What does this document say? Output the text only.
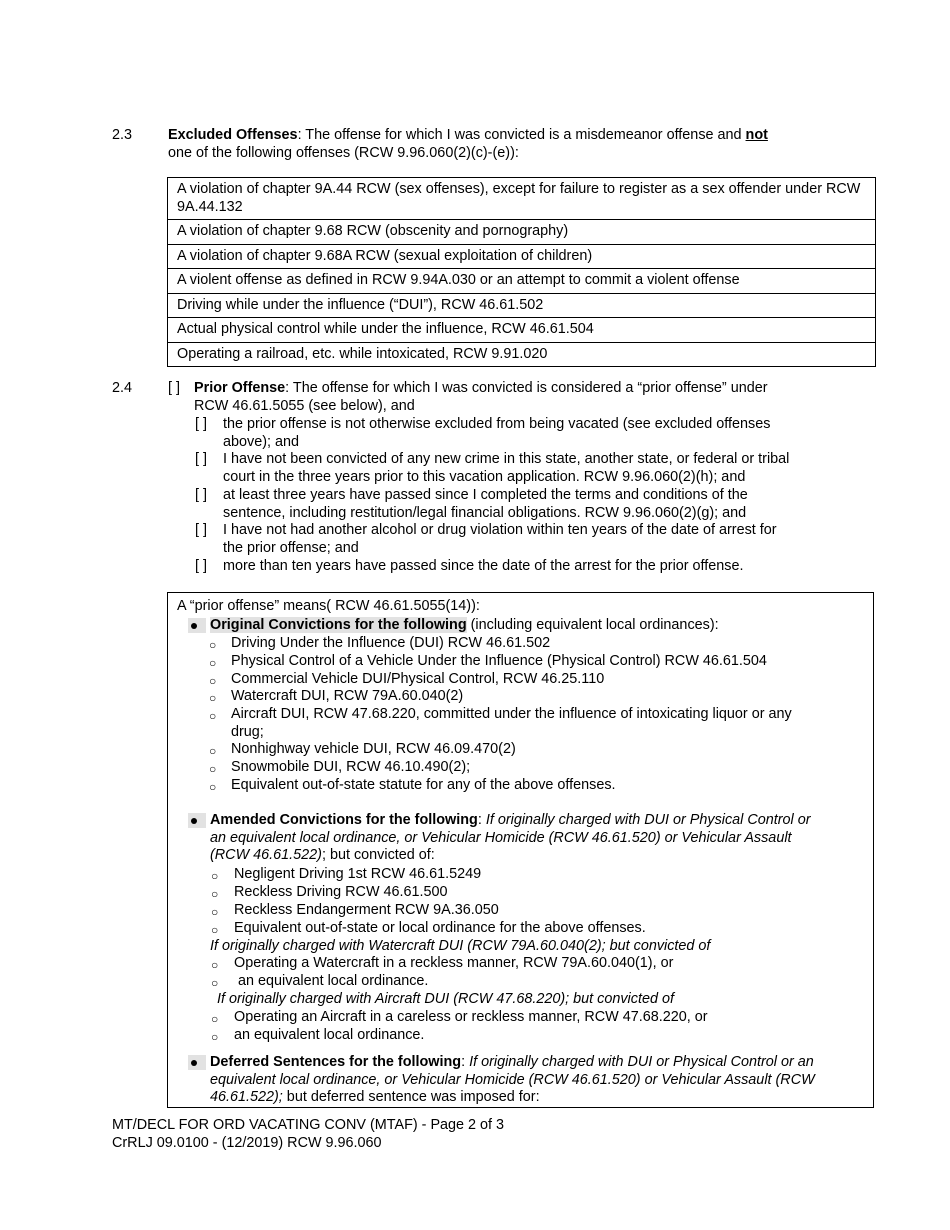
2.3 Excluded Offenses: The offense for which I was convicted is a misdemeanor offense and not
one of the following offenses (RCW 9.96.060(2)(c)-(e)):
A violation of chapter 9A.44 RCW (sex offenses), except for failure to register as a sex offender under RCW 9A.44.132
A violation of chapter 9.68 RCW (obscenity and pornography)
A violation of chapter 9.68A RCW (sexual exploitation of children)
A violent offense as defined in RCW 9.94A.030 or an attempt to commit a violent offense
Driving while under the influence (“DUI”), RCW 46.61.502
Actual physical control while under the influence, RCW 46.61.504
Operating a railroad, etc. while intoxicated, RCW 9.91.020
2.4 [ ] Prior Offense: The offense for which I was convicted is considered a “prior offense” under
RCW 46.61.5055 (see below), and
[ ] the prior offense is not otherwise excluded from being vacated (see excluded offenses
above); and
[ ] I have not been convicted of any new crime in this state, another state, or federal or tribal
court in the three years prior to this vacation application. RCW 9.96.060(2)(h); and
[ ] at least three years have passed since I completed the terms and conditions of the
sentence, including restitution/legal financial obligations. RCW 9.96.060(2)(g); and
[ ] I have not had another alcohol or drug violation within ten years of the date of arrest for
the prior offense; and
[ ] more than ten years have passed since the date of the arrest for the prior offense.
A “prior offense” means( RCW 46.61.5055(14)):
Original Convictions for the following (including equivalent local ordinances):
○ Driving Under the Influence (DUI) RCW 46.61.502
○ Physical Control of a Vehicle Under the Influence (Physical Control) RCW 46.61.504
○ Commercial Vehicle DUI/Physical Control, RCW 46.25.110
○ Watercraft DUI, RCW 79A.60.040(2)
○ Aircraft DUI, RCW 47.68.220, committed under the influence of intoxicating liquor or any
drug;
○ Nonhighway vehicle DUI, RCW 46.09.470(2)
○ Snowmobile DUI, RCW 46.10.490(2);
○ Equivalent out-of-state statute for any of the above offenses.
Amended Convictions for the following: If originally charged with DUI or Physical Control or
an equivalent local ordinance, or Vehicular Homicide (RCW 46.61.520) or Vehicular Assault
(RCW 46.61.522); but convicted of:
○ Negligent Driving 1st RCW 46.61.5249
○ Reckless Driving RCW 46.61.500
○ Reckless Endangerment RCW 9A.36.050
○ Equivalent out-of-state or local ordinance for the above offenses.
If originally charged with Watercraft DUI (RCW 79A.60.040(2); but convicted of
○ Operating a Watercraft in a reckless manner, RCW 79A.60.040(1), or
○ an equivalent local ordinance.
If originally charged with Aircraft DUI (RCW 47.68.220); but convicted of
○ Operating an Aircraft in a careless or reckless manner, RCW 47.68.220, or
○ an equivalent local ordinance.
Deferred Sentences for the following: If originally charged with DUI or Physical Control or an
equivalent local ordinance, or Vehicular Homicide (RCW 46.61.520) or Vehicular Assault (RCW
46.61.522); but deferred sentence was imposed for:
MT/DECL FOR ORD VACATING CONV (MTAF) - Page 2 of 3
CrRLJ 09.0100 - (12/2019) RCW 9.96.060
